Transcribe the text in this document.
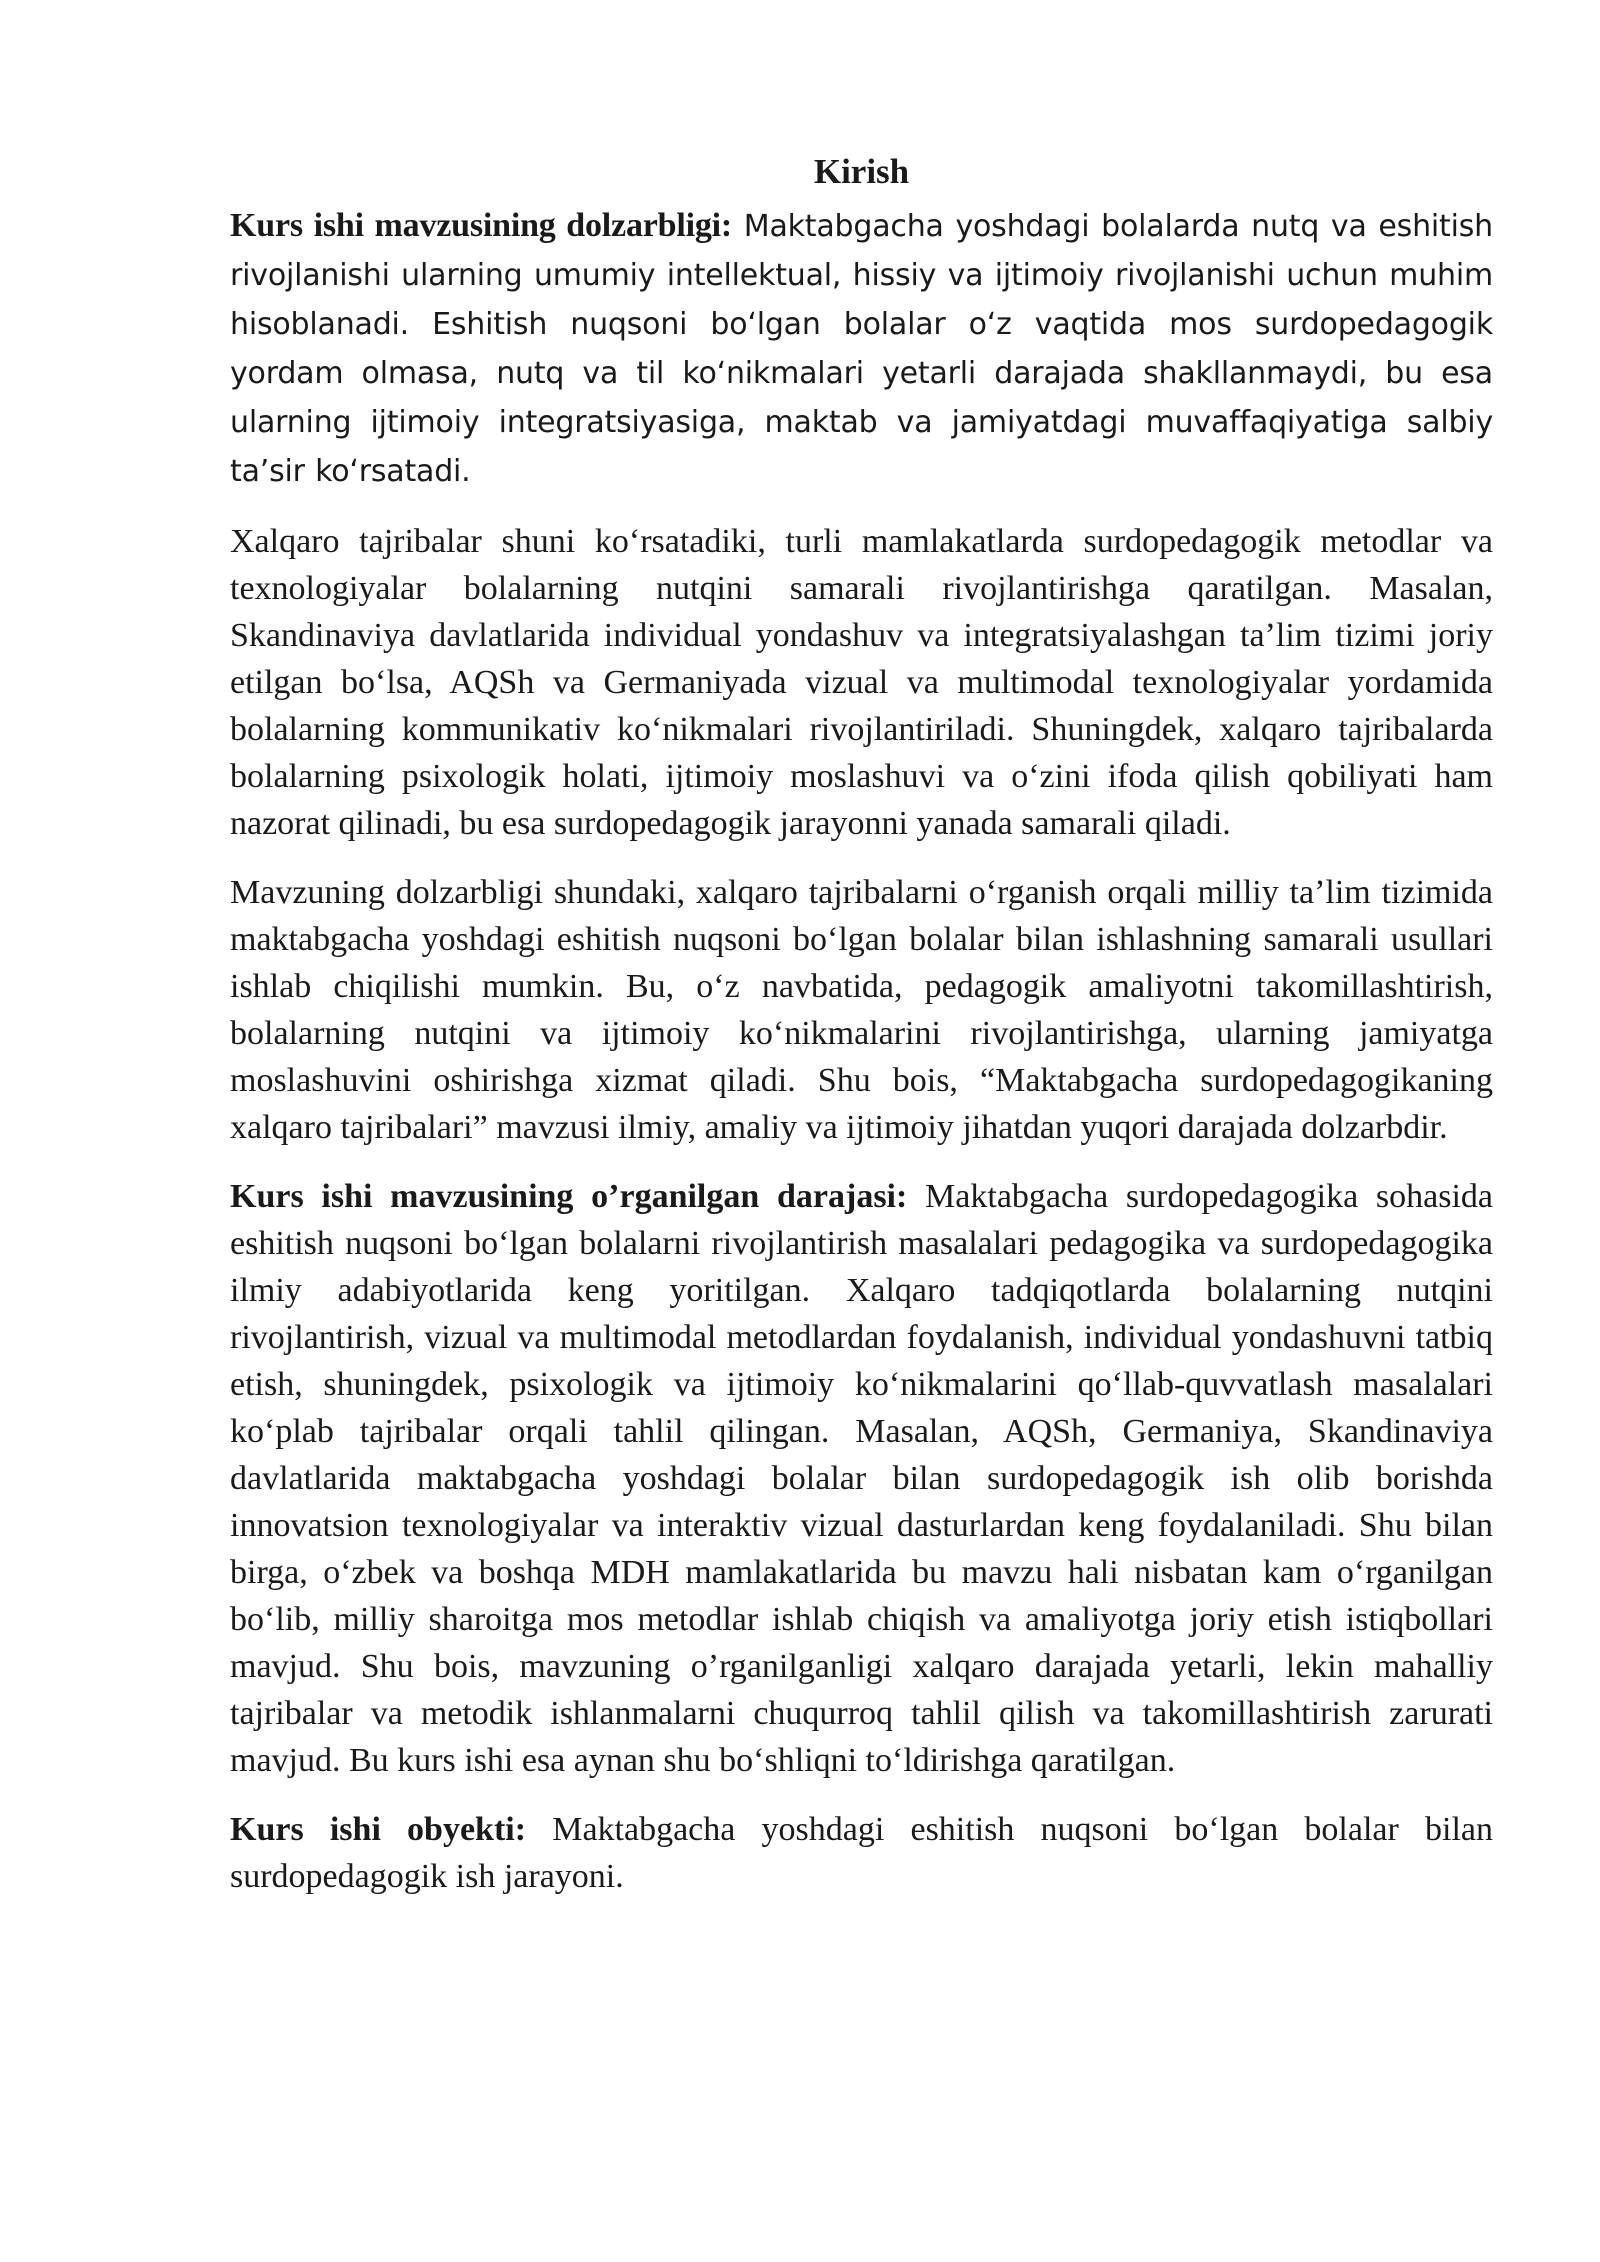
Kirish

Kurs ishi mavzusining dolzarbligi: Maktabgacha yoshdagi bolalarda nutq va eshitish rivojlanishi ularning umumiy intellektual, hissiy va ijtimoiy rivojlanishi uchun muhim hisoblanadi. Eshitish nuqsoni boʻlgan bolalar oʻz vaqtida mos surdopedagogik yordam olmasa, nutq va til koʻnikmalari yetarli darajada shakllanmaydi, bu esa ularning ijtimoiy integratsiyasiga, maktab va jamiyatdagi muvaffaqiyatiga salbiy taʼsir koʻrsatadi.

Xalqaro tajribalar shuni koʻrsatadiki, turli mamlakatlarda surdopedagogik metodlar va texnologiyalar bolalarning nutqini samarali rivojlantirishga qaratilgan. Masalan, Skandinaviya davlatlarida individual yondashuv va integratsiyalashgan taʼlim tizimi joriy etilgan boʻlsa, AQSh va Germaniyada vizual va multimodal texnologiyalar yordamida bolalarning kommunikativ koʻnikmalari rivojlantiriladi. Shuningdek, xalqaro tajribalarda bolalarning psixologik holati, ijtimoiy moslashuvi va oʻzini ifoda qilish qobiliyati ham nazorat qilinadi, bu esa surdopedagogik jarayonni yanada samarali qiladi.

Mavzuning dolzarbligi shundaki, xalqaro tajribalarni oʻrganish orqali milliy taʼlim tizimida maktabgacha yoshdagi eshitish nuqsoni boʻlgan bolalar bilan ishlashning samarali usullari ishlab chiqilishi mumkin. Bu, oʻz navbatida, pedagogik amaliyotni takomillashtirish, bolalarning nutqini va ijtimoiy koʻnikmalarini rivojlantirishga, ularning jamiyatga moslashuvini oshirishga xizmat qiladi. Shu bois, “Maktabgacha surdopedagogikaning xalqaro tajribalari” mavzusi ilmiy, amaliy va ijtimoiy jihatdan yuqori darajada dolzarbdir.

Kurs ishi mavzusining o’rganilgan darajasi: Maktabgacha surdopedagogika sohasida eshitish nuqsoni boʻlgan bolalarni rivojlantirish masalalari pedagogika va surdopedagogika ilmiy adabiyotlarida keng yoritilgan. Xalqaro tadqiqotlarda bolalarning nutqini rivojlantirish, vizual va multimodal metodlardan foydalanish, individual yondashuvni tatbiq etish, shuningdek, psixologik va ijtimoiy koʻnikmalarini qoʻllab-quvvatlash masalalari koʻplab tajribalar orqali tahlil qilingan. Masalan, AQSh, Germaniya, Skandinaviya davlatlarida maktabgacha yoshdagi bolalar bilan surdopedagogik ish olib borishda innovatsion texnologiyalar va interaktiv vizual dasturlardan keng foydalaniladi. Shu bilan birga, oʻzbek va boshqa MDH mamlakatlarida bu mavzu hali nisbatan kam oʻrganilgan boʻlib, milliy sharoitga mos metodlar ishlab chiqish va amaliyotga joriy etish istiqbollari mavjud. Shu bois, mavzuning o’rganilganligi xalqaro darajada yetarli, lekin mahalliy tajribalar va metodik ishlanmalarni chuqurroq tahlil qilish va takomillashtirish zarurati mavjud. Bu kurs ishi esa aynan shu boʻshliqni toʻldirishga qaratilgan.

Kurs ishi obyekti: Maktabgacha yoshdagi eshitish nuqsoni boʻlgan bolalar bilan surdopedagogik ish jarayoni.
